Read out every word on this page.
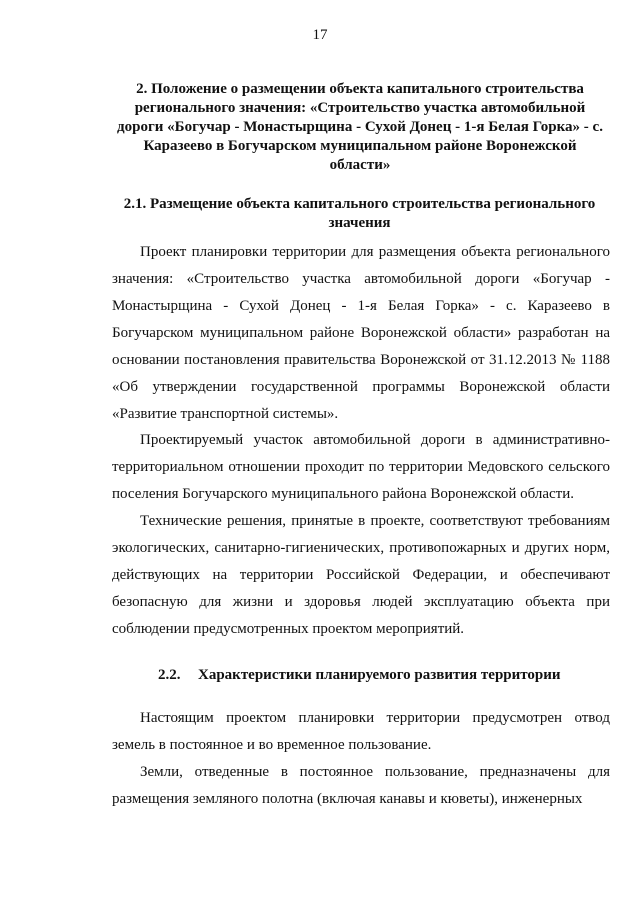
17
2. Положение о размещении объекта капитального строительства регионального значения: «Строительство участка автомобильной дороги «Богучар - Монастырщина - Сухой Донец - 1-я Белая Горка» - с. Каразеево в Богучарском муниципальном районе Воронежской области»
2.1. Размещение объекта капитального строительства регионального значения

Проект планировки территории для размещения объекта регионального значения: «Строительство участка автомобильной дороги «Богучар - Монастырщина - Сухой Донец - 1-я Белая Горка» - с. Каразеево в Богучарском муниципальном районе Воронежской области» разработан на основании постановления правительства Воронежской от 31.12.2013 № 1188 «Об утверждении государственной программы Воронежской области «Развитие транспортной системы».

Проектируемый участок автомобильной дороги в административно-территориальном отношении проходит по территории Медовского сельского поселения Богучарского муниципального района Воронежской области.

Технические решения, принятые в проекте, соответствуют требованиям экологических, санитарно-гигиенических, противопожарных и других норм, действующих на территории Российской Федерации, и обеспечивают безопасную для жизни и здоровья людей эксплуатацию объекта при соблюдении предусмотренных проектом мероприятий.

2.2. Характеристики планируемого развития территории

Настоящим проектом планировки территории предусмотрен отвод земель в постоянное и во временное пользование.

Земли, отведенные в постоянное пользование, предназначены для размещения земляного полотна (включая канавы и кюветы), инженерных
